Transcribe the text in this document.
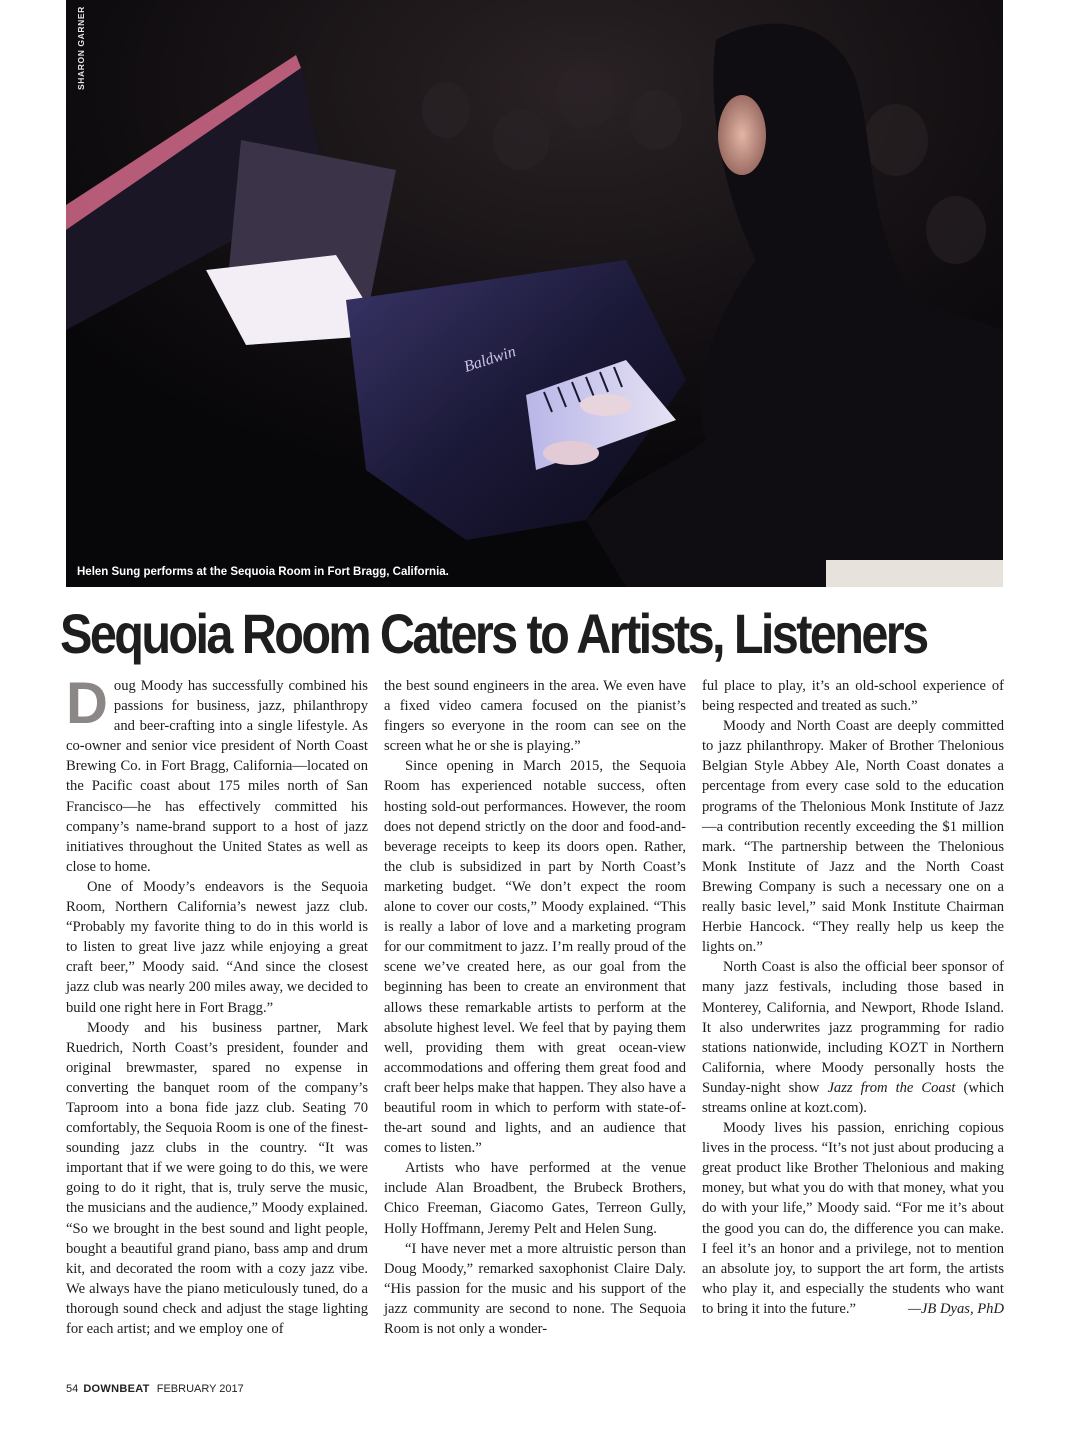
Baldwin
SHARON GARNER
Helen Sung performs at the Sequoia Room in Fort Bragg, California.
Sequoia Room Caters to Artists, Listeners

Doug Moody has successfully combined his passions for business, jazz, philanthropy and beer-crafting into a single lifestyle. As co-owner and senior vice president of North Coast Brewing Co. in Fort Bragg, California—located on the Pacific coast about 175 miles north of San Francisco—he has effectively committed his company’s name-brand support to a host of jazz initiatives throughout the United States as well as close to home.

One of Moody’s endeavors is the Sequoia Room, Northern California’s newest jazz club. “Probably my favorite thing to do in this world is to listen to great live jazz while enjoying a great craft beer,” Moody said. “And since the closest jazz club was nearly 200 miles away, we decided to build one right here in Fort Bragg.”

Moody and his business partner, Mark Ruedrich, North Coast’s president, founder and original brewmaster, spared no expense in converting the banquet room of the company’s Taproom into a bona fide jazz club. Seating 70 comfortably, the Sequoia Room is one of the finest-sounding jazz clubs in the country. “It was important that if we were going to do this, we were going to do it right, that is, truly serve the music, the musicians and the audience,” Moody explained. “So we brought in the best sound and light people, bought a beautiful grand piano, bass amp and drum kit, and decorated the room with a cozy jazz vibe. We always have the piano meticulously tuned, do a thorough sound check and adjust the stage lighting for each artist; and we employ one of

the best sound engineers in the area. We even have a fixed video camera focused on the pianist’s fingers so everyone in the room can see on the screen what he or she is playing.”

Since opening in March 2015, the Sequoia Room has experienced notable success, often hosting sold-out performances. However, the room does not depend strictly on the door and food-and-beverage receipts to keep its doors open. Rather, the club is subsidized in part by North Coast’s marketing budget. “We don’t expect the room alone to cover our costs,” Moody explained. “This is really a labor of love and a marketing program for our commitment to jazz. I’m really proud of the scene we’ve created here, as our goal from the beginning has been to create an environment that allows these remarkable artists to perform at the absolute highest level. We feel that by paying them well, providing them with great ocean-view accommodations and offering them great food and craft beer helps make that happen. They also have a beautiful room in which to perform with state-of-the-art sound and lights, and an audience that comes to listen.”

Artists who have performed at the venue include Alan Broadbent, the Brubeck Brothers, Chico Freeman, Giacomo Gates, Terreon Gully, Holly Hoffmann, Jeremy Pelt and Helen Sung.

“I have never met a more altruistic person than Doug Moody,” remarked saxophonist Claire Daly. “His passion for the music and his support of the jazz community are second to none. The Sequoia Room is not only a wonder-

ful place to play, it’s an old-school experience of being respected and treated as such.”

Moody and North Coast are deeply committed to jazz philanthropy. Maker of Brother Thelonious Belgian Style Abbey Ale, North Coast donates a percentage from every case sold to the education programs of the Thelonious Monk Institute of Jazz—a contribution recently exceeding the $1 million mark. “The partnership between the Thelonious Monk Institute of Jazz and the North Coast Brewing Company is such a necessary one on a really basic level,” said Monk Institute Chairman Herbie Hancock. “They really help us keep the lights on.”

North Coast is also the official beer sponsor of many jazz festivals, including those based in Monterey, California, and Newport, Rhode Island. It also underwrites jazz programming for radio stations nationwide, including KOZT in Northern California, where Moody personally hosts the Sunday-night show Jazz from the Coast (which streams online at kozt.com).

Moody lives his passion, enriching copious lives in the process. “It’s not just about producing a great product like Brother Thelonious and making money, but what you do with that money, what you do with your life,” Moody said. “For me it’s about the good you can do, the difference you can make. I feel it’s an honor and a privilege, not to mention an absolute joy, to support the art form, the artists who play it, and especially the students who want to bring it into the future.”	—JB Dyas, PhD

54 DOWNBEAT FEBRUARY 2017
